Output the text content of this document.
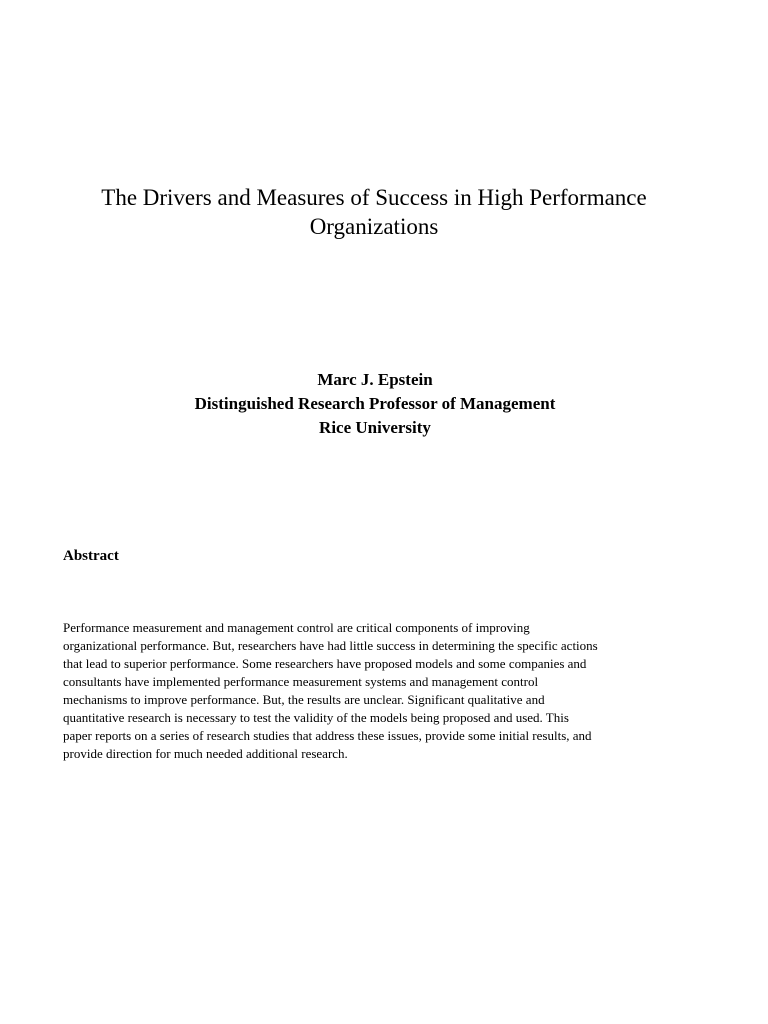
The Drivers and Measures of Success in High Performance
Organizations
Marc J. Epstein
Distinguished Research Professor of Management
Rice University
Abstract
Performance measurement and management control are critical components of improving
organizational performance. But, researchers have had little success in determining the specific actions
that lead to superior performance. Some researchers have proposed models and some companies and
consultants have implemented performance measurement systems and management control
mechanisms to improve performance. But, the results are unclear. Significant qualitative and
quantitative research is necessary to test the validity of the models being proposed and used. This
paper reports on a series of research studies that address these issues, provide some initial results, and
provide direction for much needed additional research.
